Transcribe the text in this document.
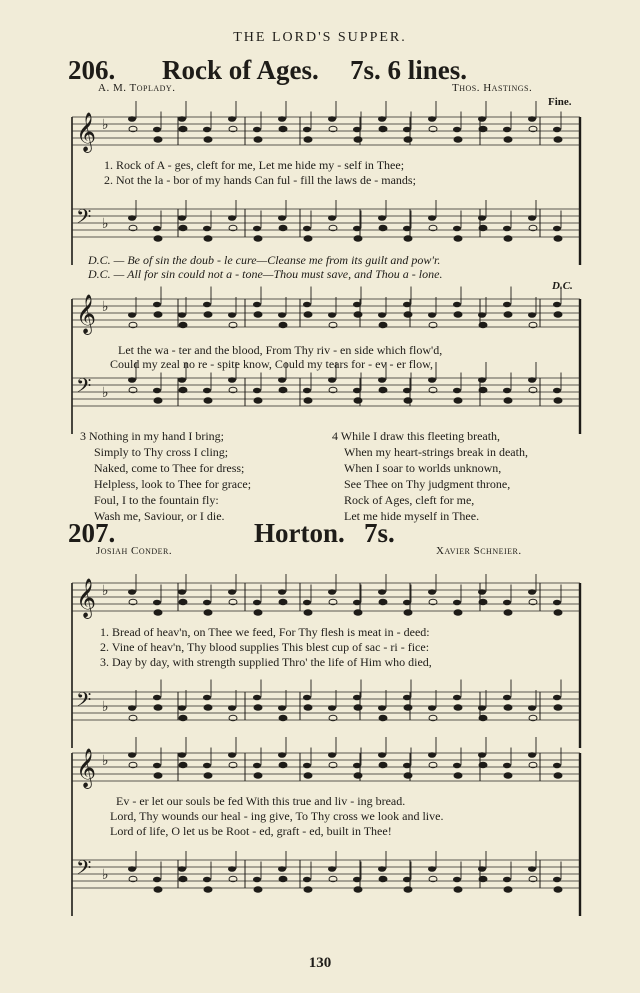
𝄞 ♭
𝄢 ♭
𝄞 ♭
𝄢 ♭
𝄞 ♭
𝄢 ♭
𝄞 ♭
𝄢 ♭
THE LORD'S SUPPER.
206. Rock of Ages. 7s. 6 lines.
A. M. Toplady.	Thos. Hastings.
Fine.
1. Rock of A - ges, cleft for me, Let me hide my - self in Thee;
2. Not the la - bor of my hands Can ful - fill the laws de - mands;
D.C. — Be of sin the doub - le cure—Cleanse me from its guilt and pow'r.
D.C. — All for sin could not a - tone—Thou must save, and Thou a - lone.
D.C.
Let the wa - ter and the blood, From Thy riv - en side which flow'd,
Could my zeal no re - spite know, Could my tears for - ev - er flow,
3 Nothing in my hand I bring;
Simply to Thy cross I cling;
Naked, come to Thee for dress;
Helpless, look to Thee for grace;
Foul, I to the fountain fly:
Wash me, Saviour, or I die.
4 While I draw this fleeting breath,
When my heart-strings break in death,
When I soar to worlds unknown,
See Thee on Thy judgment throne,
Rock of Ages, cleft for me,
Let me hide myself in Thee.
207.	Horton. 7s.
Josiah Conder.	Xavier Schneier.
1. Bread of heav'n, on Thee we feed, For Thy flesh is meat in - deed:
2. Vine of heav'n, Thy blood supplies This blest cup of sac - ri - fice:
3. Day by day, with strength supplied Thro' the life of Him who died,
Ev - er let our souls be fed With this true and liv - ing bread.
Lord, Thy wounds our heal - ing give, To Thy cross we look and live.
Lord of life, O let us be Root - ed, graft - ed, built in Thee!
130
